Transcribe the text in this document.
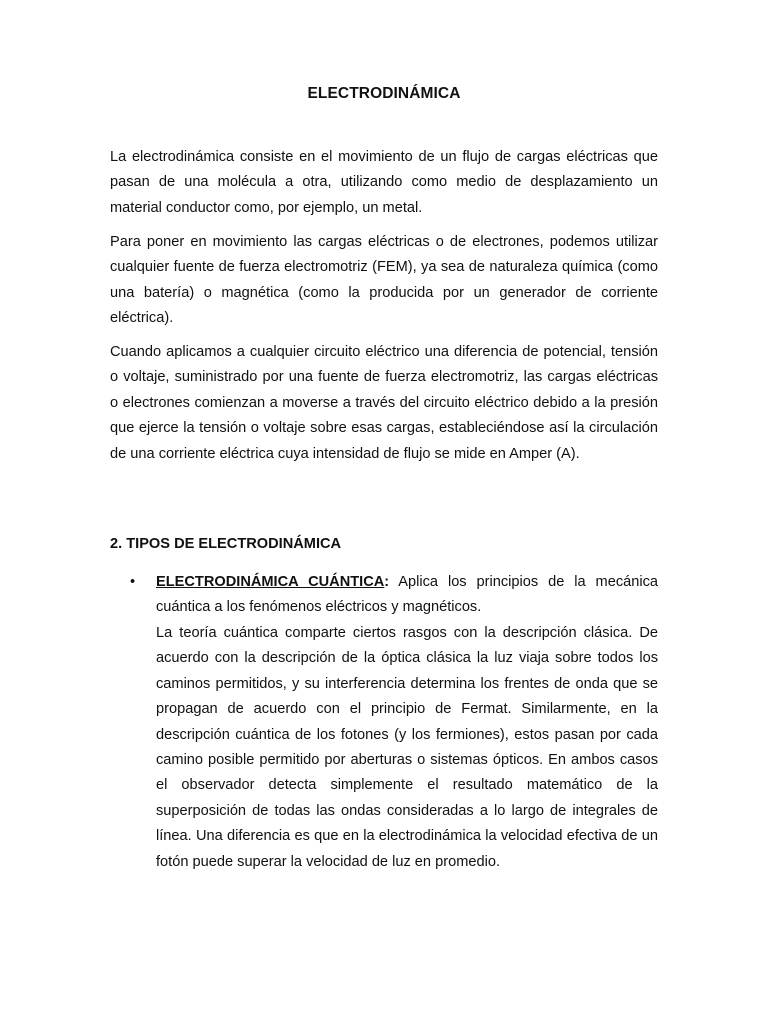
ELECTRODINÁMICA

La electrodinámica consiste en el movimiento de un flujo de cargas eléctricas que pasan de una molécula a otra, utilizando como medio de desplazamiento un material conductor como, por ejemplo, un metal.

Para poner en movimiento las cargas eléctricas o de electrones, podemos utilizar cualquier fuente de fuerza electromotriz (FEM), ya sea de naturaleza química (como una batería) o magnética (como la producida por un generador de corriente eléctrica).

Cuando aplicamos a cualquier circuito eléctrico una diferencia de potencial, tensión o voltaje, suministrado por una fuente de fuerza electromotriz, las cargas eléctricas o electrones comienzan a moverse a través del circuito eléctrico debido a la presión que ejerce la tensión o voltaje sobre esas cargas, estableciéndose así la circulación de una corriente eléctrica cuya intensidad de flujo se mide en Amper (A).

2. TIPOS DE ELECTRODINÁMICA

• ELECTRODINÁMICA CUÁNTICA: Aplica los principios de la mecánica cuántica a los fenómenos eléctricos y magnéticos.

La teoría cuántica comparte ciertos rasgos con la descripción clásica. De acuerdo con la descripción de la óptica clásica la luz viaja sobre todos los caminos permitidos, y su interferencia determina los frentes de onda que se propagan de acuerdo con el principio de Fermat. Similarmente, en la descripción cuántica de los fotones (y los fermiones), estos pasan por cada camino posible permitido por aberturas o sistemas ópticos. En ambos casos el observador detecta simplemente el resultado matemático de la superposición de todas las ondas consideradas a lo largo de integrales de línea. Una diferencia es que en la electrodinámica la velocidad efectiva de un fotón puede superar la velocidad de luz en promedio.
